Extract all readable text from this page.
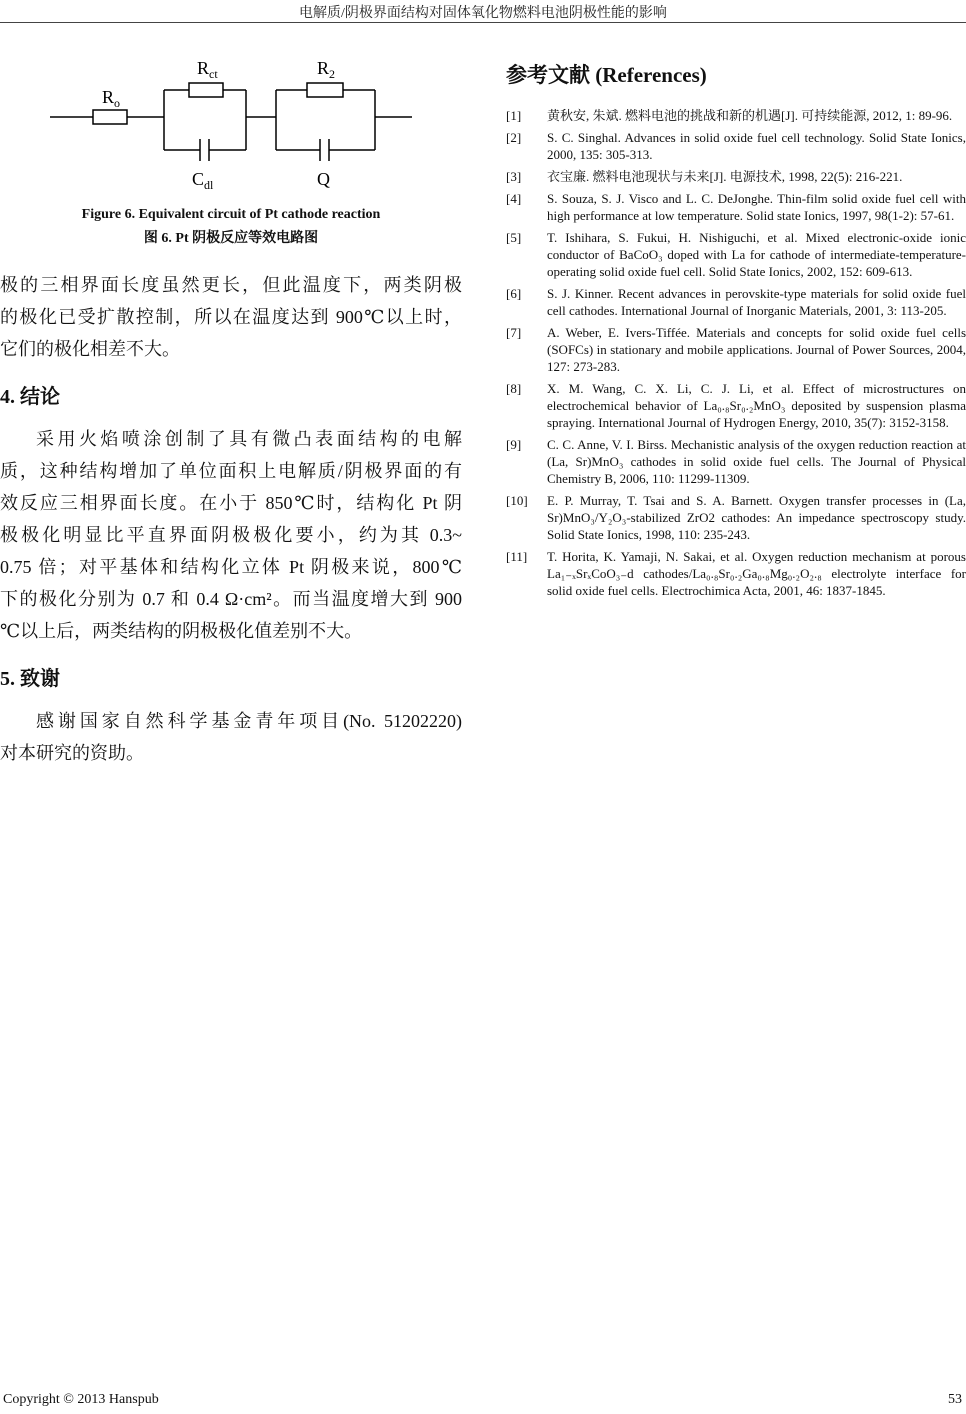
电解质/阴极界面结构对固体氧化物燃料电池阴极性能的影响
$R_o$
$R_{ct}$	$R_2$
$C_{dl}$	Q
Figure 6. Equivalent circuit of Pt cathode reaction
图 6. Pt 阴极反应等效电路图
极的三相界面长度虽然更长，但此温度下，两类阴极
的极化已受扩散控制，所以在温度达到 900℃以上时，
它们的极化相差不大。
4. 结论
采用火焰喷涂创制了具有微凸表面结构的电解
质，这种结构增加了单位面积上电解质/阴极界面的有
效反应三相界面长度。在小于 850℃时，结构化 Pt 阴
极极化明显比平直界面阴极极化要小，约为其 0.3~
0.75 倍；对平基体和结构化立体 Pt 阴极来说，800℃
下的极化分别为 0.7 和 0.4 Ω·cm²。而当温度增大到 900
℃以上后，两类结构的阴极极化值差别不大。
5. 致谢
感谢国家自然科学基金青年项目(No. 51202220)
对本研究的资助。
参考文献 (References)
[1] 黄秋安, 朱斌. 燃料电池的挑战和新的机遇[J]. 可持续能源, 2012, 1: 89-96.
[2] S. C. Singhal. Advances in solid oxide fuel cell technology. Solid State Ionics, 2000, 135: 305-313.
[3] 衣宝廉. 燃料电池现状与未来[J]. 电源技术, 1998, 22(5): 216-221.
[4] S. Souza, S. J. Visco and L. C. DeJonghe. Thin-film solid oxide fuel cell with high performance at low temperature. Solid state Ionics, 1997, 98(1-2): 57-61.
[5] T. Ishihara, S. Fukui, H. Nishiguchi, et al. Mixed electronic-oxide ionic conductor of BaCoO₃ doped with La for cathode of intermediate-temperature-operating solid oxide fuel cell. Solid State Ionics, 2002, 152: 609-613.
[6] S. J. Kinner. Recent advances in perovskite-type materials for solid oxide fuel cell cathodes. International Journal of Inorganic Materials, 2001, 3: 113-205.
[7] A. Weber, E. Ivers-Tiffée. Materials and concepts for solid oxide fuel cells (SOFCs) in stationary and mobile applications. Journal of Power Sources, 2004, 127: 273-283.
[8] X. M. Wang, C. X. Li, C. J. Li, et al. Effect of microstructures on electrochemical behavior of La₀.₈Sr₀.₂MnO₃ deposited by suspension plasma spraying. International Journal of Hydrogen Energy, 2010, 35(7): 3152-3158.
[9] C. C. Anne, V. I. Birss. Mechanistic analysis of the oxygen reduction reaction at (La, Sr)MnO₃ cathodes in solid oxide fuel cells. The Journal of Physical Chemistry B, 2006, 110: 11299-11309.
[10] E. P. Murray, T. Tsai and S. A. Barnett. Oxygen transfer processes in (La, Sr)MnO₃/Y₂O₃-stabilized ZrO2 cathodes: An impedance spectroscopy study. Solid State Ionics, 1998, 110: 235-243.
[11] T. Horita, K. Yamaji, N. Sakai, et al. Oxygen reduction mechanism at porous La₁₋ₓSrₓCoO₃₋d cathodes/La₀.₈Sr₀.₂Ga₀.₈Mg₀.₂O₂.₈ electrolyte interface for solid oxide fuel cells. Electrochimica Acta, 2001, 46: 1837-1845.
Copyright © 2013 Hanspub	53
